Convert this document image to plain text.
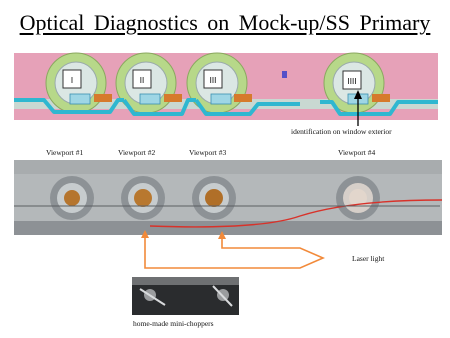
Optical Diagnostics on Mock-up/SS Primary
I	II	III	IIII
identification on window exterior
Viewport #1	Viewport #2	Viewport #3	Viewport #4
Laser light
home-made mini-choppers
